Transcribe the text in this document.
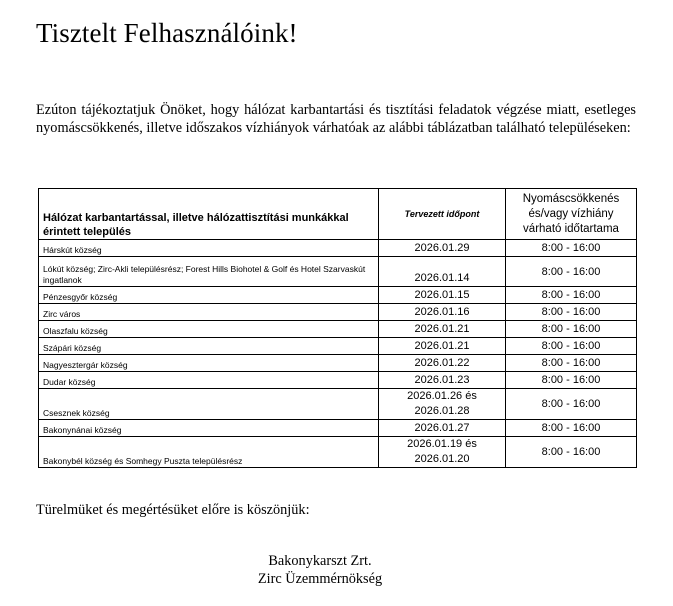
Tisztelt Felhasználóink!

Ezúton tájékoztatjuk Önöket, hogy hálózat karbantartási és tisztítási feladatok végzése miatt, esetleges nyomáscsökkenés, illetve időszakos vízhiányok várhatóak az alábbi táblázatban található településeken:

Hálózat karbantartással, illetve hálózattisztítási munkákkal érintett település	Tervezett időpont	Nyomáscsökkenés és/vagy vízhiány várható időtartama
Hárskút község	2026.01.29	8:00 - 16:00
Lókút község; Zirc-Akli településrész; Forest Hills Biohotel & Golf és Hotel Szarvaskút ingatlanok	2026.01.14	8:00 - 16:00
Pénzesgyőr község	2026.01.15	8:00 - 16:00
Zirc város	2026.01.16	8:00 - 16:00
Olaszfalu község	2026.01.21	8:00 - 16:00
Szápári község	2026.01.21	8:00 - 16:00
Nagyesztergár község	2026.01.22	8:00 - 16:00
Dudar község	2026.01.23	8:00 - 16:00
Csesznek község	2026.01.26 és 2026.01.28	8:00 - 16:00
Bakonynánai község	2026.01.27	8:00 - 16:00
Bakonybél község és Somhegy Puszta településrész	2026.01.19 és 2026.01.20	8:00 - 16:00

Türelmüket és megértésüket előre is köszönjük:

Bakonykarszt Zrt.
Zirc Üzemmérnökség
